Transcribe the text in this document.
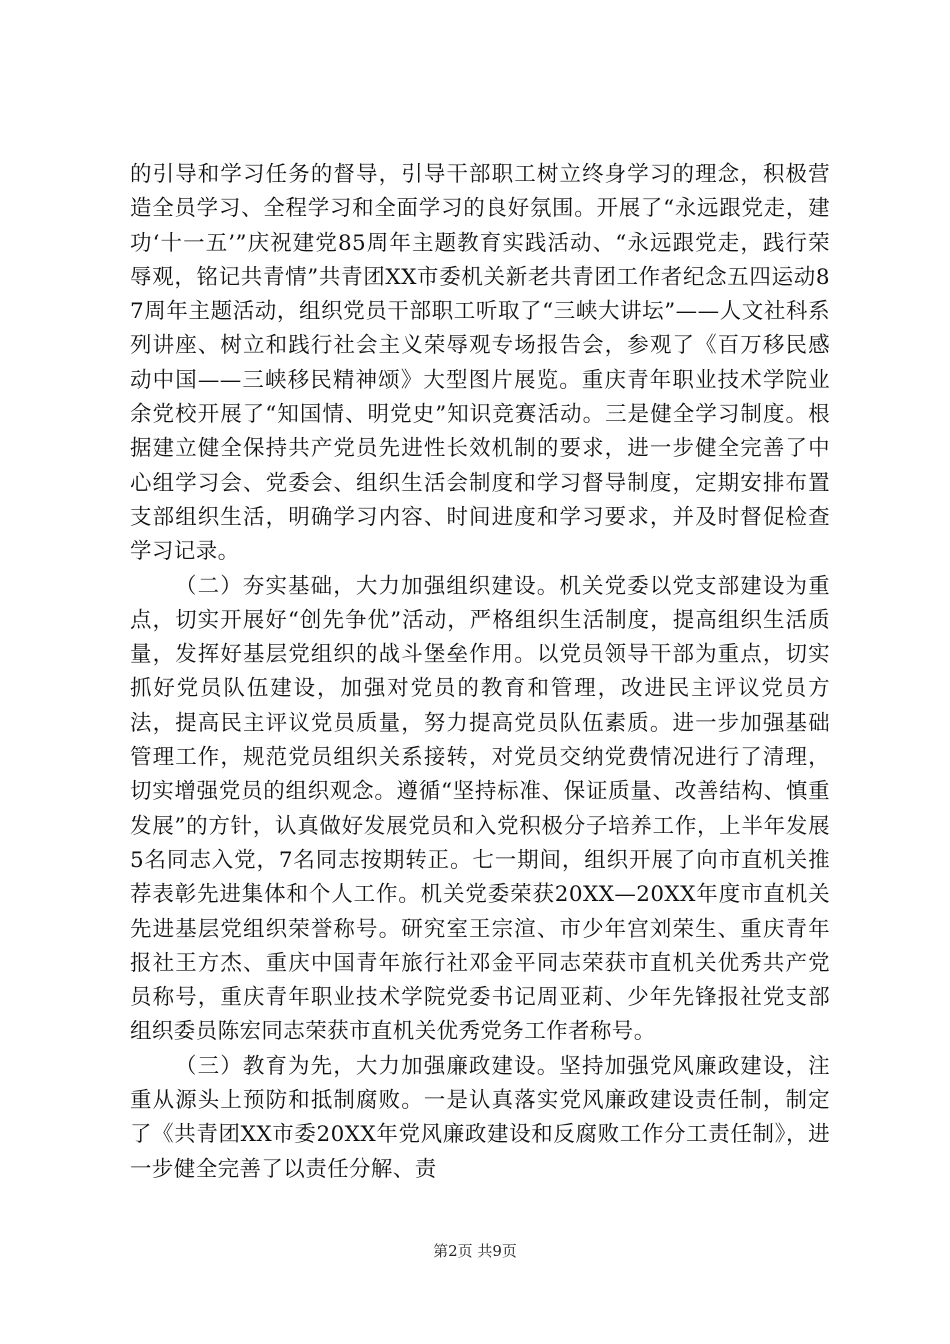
的引导和学习任务的督导，引导干部职工树立终身学习的理念，积极营造全员学习、全程学习和全面学习的良好氛围。开展了“永远跟党走，建功‘十一五’”庆祝建党85周年主题教育实践活动、“永远跟党走，践行荣辱观，铭记共青情”共青团XX市委机关新老共青团工作者纪念五四运动87周年主题活动，组织党员干部职工听取了“三峡大讲坛”——人文社科系列讲座、树立和践行社会主义荣辱观专场报告会，参观了《百万移民感动中国——三峡移民精神颂》大型图片展览。重庆青年职业技术学院业余党校开展了“知国情、明党史”知识竞赛活动。三是健全学习制度。根据建立健全保持共产党员先进性长效机制的要求，进一步健全完善了中心组学习会、党委会、组织生活会制度和学习督导制度，定期安排布置支部组织生活，明确学习内容、时间进度和学习要求，并及时督促检查学习记录。

（二）夯实基础，大力加强组织建设。机关党委以党支部建设为重点，切实开展好“创先争优”活动，严格组织生活制度，提高组织生活质量，发挥好基层党组织的战斗堡垒作用。以党员领导干部为重点，切实抓好党员队伍建设，加强对党员的教育和管理，改进民主评议党员方法，提高民主评议党员质量，努力提高党员队伍素质。进一步加强基础管理工作，规范党员组织关系接转，对党员交纳党费情况进行了清理，切实增强党员的组织观念。遵循“坚持标准、保证质量、改善结构、慎重发展”的方针，认真做好发展党员和入党积极分子培养工作，上半年发展5名同志入党，7名同志按期转正。七一期间，组织开展了向市直机关推荐表彰先进集体和个人工作。机关党委荣获20XX—20XX年度市直机关先进基层党组织荣誉称号。研究室王宗渲、市少年宫刘荣生、重庆青年报社王方杰、重庆中国青年旅行社邓金平同志荣获市直机关优秀共产党员称号，重庆青年职业技术学院党委书记周亚莉、少年先锋报社党支部组织委员陈宏同志荣获市直机关优秀党务工作者称号。

（三）教育为先，大力加强廉政建设。坚持加强党风廉政建设，注重从源头上预防和抵制腐败。一是认真落实党风廉政建设责任制，制定了《共青团XX市委20XX年党风廉政建设和反腐败工作分工责任制》，进一步健全完善了以责任分解、责

第2页 共9页
